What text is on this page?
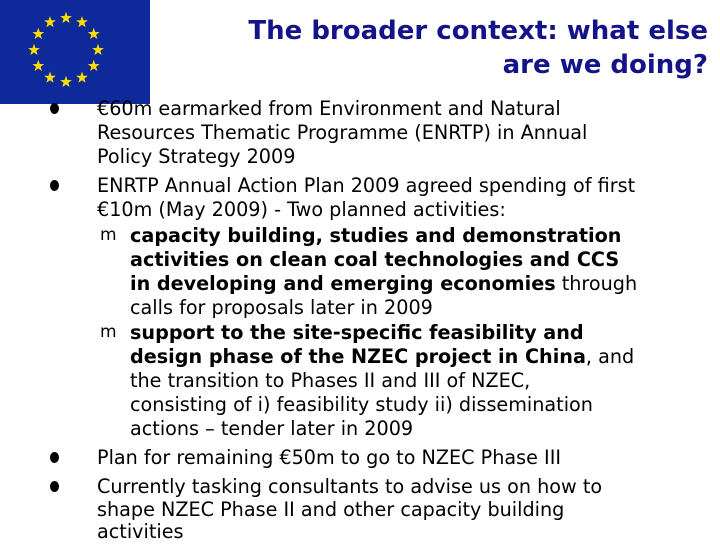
The broader context: what else
are we doing?
€60m earmarked from Environment and Natural
Resources Thematic Programme (ENRTP) in Annual
Policy Strategy 2009
ENRTP Annual Action Plan 2009 agreed spending of first
€10m (May 2009) - Two planned activities:
m capacity building, studies and demonstration
activities on clean coal technologies and CCS
in developing and emerging economies through
calls for proposals later in 2009
m support to the site-specific feasibility and
design phase of the NZEC project in China, and
the transition to Phases II and III of NZEC,
consisting of i) feasibility study ii) dissemination
actions – tender later in 2009
Plan for remaining €50m to go to NZEC Phase III
Currently tasking consultants to advise us on how to
shape NZEC Phase II and other capacity building
activities
